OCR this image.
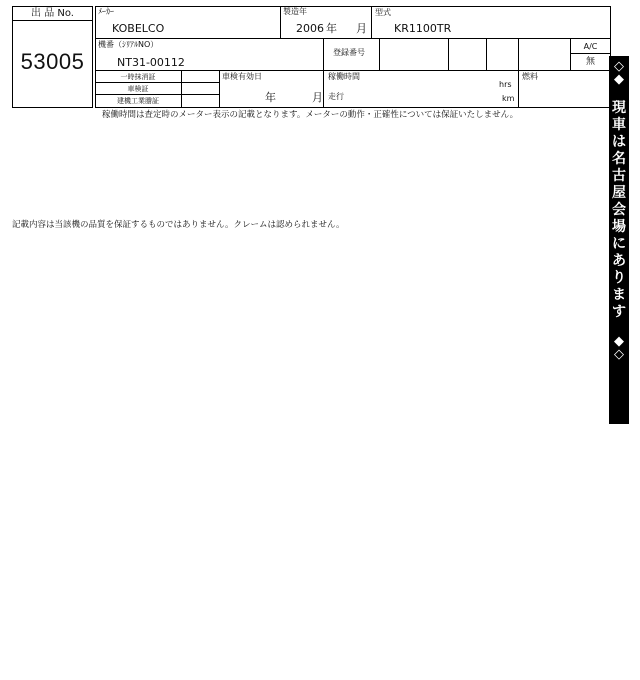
出 品 No.
53005
ﾒｰｶｰ
KOBELCO
製造年
2006 年 月
型式
KR1100TR
機番（ｼﾘｱﾙNO）
NT31-00112
登録番号
A/C
無
一時抹消証
車検証
建機工業謄証
車検有効日
年	月
稼働時間
hrs
走行	km
燃料
稼働時間は査定時のメーター表示の記載となります。メーターの動作・正確性については保証いたしません。
記載内容は当該機の品質を保証するものではありません。クレームは認められません。
◇
◆
現
車
は
名
古
屋
会
場
に
あ
り
ま
す
◆
◇
